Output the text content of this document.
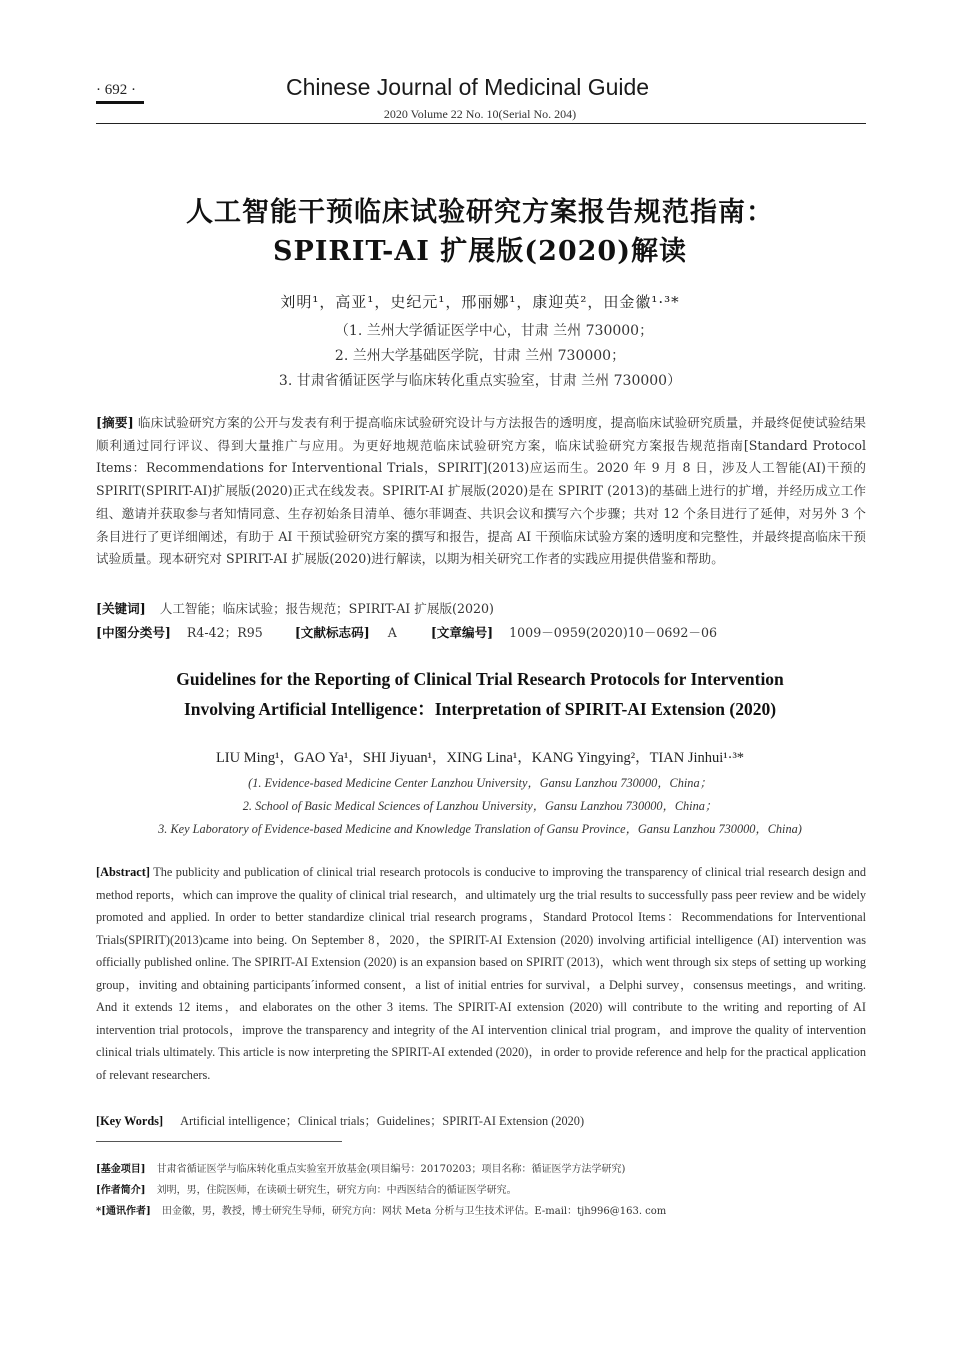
· 692 ·	Chinese Journal of Medicinal Guide
2020 Volume 22 No. 10(Serial No. 204)
人工智能干预临床试验研究方案报告规范指南：
SPIRIT-AI 扩展版(2020)解读
刘明¹，高亚¹，史纪元¹，邢丽娜¹，康迎英²，田金徽¹·³*
（1. 兰州大学循证医学中心，甘肃 兰州 730000；
2. 兰州大学基础医学院，甘肃 兰州 730000；
3. 甘肃省循证医学与临床转化重点实验室，甘肃 兰州 730000）
[摘要] 临床试验研究方案的公开与发表有利于提高临床试验研究设计与方法报告的透明度，提高临床试验研究质量，并最终促使试验结果顺利通过同行评议、得到大量推广与应用。为更好地规范临床试验研究方案，临床试验研究方案报告规范指南[Standard Protocol Items：Recommendations for Interventional Trials，SPIRIT](2013)应运而生。2020 年 9 月 8 日，涉及人工智能(AI)干预的 SPIRIT(SPIRIT-AI)扩展版(2020)正式在线发表。SPIRIT-AI 扩展版(2020)是在 SPIRIT (2013)的基础上进行的扩增，并经历成立工作组、邀请并获取参与者知情同意、生存初始条目清单、德尔菲调查、共识会议和撰写六个步骤；共对 12 个条目进行了延伸，对另外 3 个条目进行了更详细阐述，有助于 AI 干预试验研究方案的撰写和报告，提高 AI 干预临床试验方案的透明度和完整性，并最终提高临床干预试验质量。现本研究对 SPIRIT-AI 扩展版(2020)进行解读，以期为相关研究工作者的实践应用提供借鉴和帮助。
[关键词] 人工智能；临床试验；报告规范；SPIRIT-AI 扩展版(2020)
[中图分类号] R4-42；R95	[文献标志码] A	[文章编号] 1009－0959(2020)10－0692－06
Guidelines for the Reporting of Clinical Trial Research Protocols for Intervention
Involving Artificial Intelligence：Interpretation of SPIRIT-AI Extension (2020)
LIU Ming¹，GAO Ya¹，SHI Jiyuan¹，XING Lina¹，KANG Yingying²，TIAN Jinhui¹·³*
(1. Evidence-based Medicine Center Lanzhou University，Gansu Lanzhou 730000，China；
2. School of Basic Medical Sciences of Lanzhou University，Gansu Lanzhou 730000，China；
3. Key Laboratory of Evidence-based Medicine and Knowledge Translation of Gansu Province，Gansu Lanzhou 730000，China)
[Abstract] The publicity and publication of clinical trial research protocols is conducive to improving the transparency of clinical trial research design and method reports，which can improve the quality of clinical trial research，and ultimately urg the trial results to successfully pass peer review and be widely promoted and applied. In order to better standardize clinical trial research programs，Standard Protocol Items：Recommendations for Interventional Trials(SPIRIT)(2013)came into being. On September 8，2020，the SPIRIT-AI Extension (2020) involving artificial intelligence (AI) intervention was officially published online. The SPIRIT-AI Extension (2020) is an expansion based on SPIRIT (2013)，which went through six steps of setting up working group，inviting and obtaining participants´informed consent，a list of initial entries for survival，a Delphi survey，consensus meetings，and writing. And it extends 12 items，and elaborates on the other 3 items. The SPIRIT-AI extension (2020) will contribute to the writing and reporting of AI intervention trial protocols，improve the transparency and integrity of the AI intervention clinical trial program，and improve the quality of intervention clinical trials ultimately. This article is now interpreting the SPIRIT-AI extended (2020)，in order to provide reference and help for the practical application of relevant researchers.
[Key Words] Artificial intelligence；Clinical trials；Guidelines；SPIRIT-AI Extension (2020)
[基金项目] 甘肃省循证医学与临床转化重点实验室开放基金(项目编号：20170203；项目名称：循证医学方法学研究)
[作者简介] 刘明，男，住院医师，在读硕士研究生，研究方向：中西医结合的循证医学研究。
*[通讯作者] 田金徽，男，教授，博士研究生导师，研究方向：网状 Meta 分析与卫生技术评估。E-mail：tjh996@163. com
